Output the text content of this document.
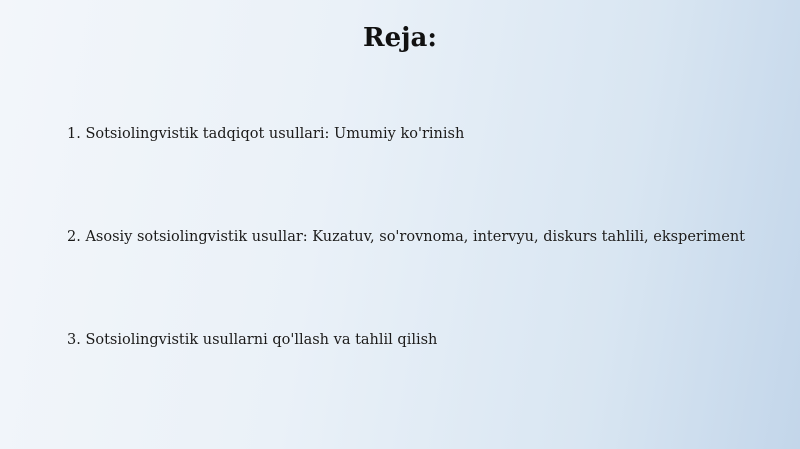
Reja:
1. Sotsiolingvistik tadqiqot usullari: Umumiy ko'rinish
2. Asosiy sotsiolingvistik usullar: Kuzatuv, so'rovnoma, intervyu, diskurs tahlili, eksperiment
3. Sotsiolingvistik usullarni qo'llash va tahlil qilish
